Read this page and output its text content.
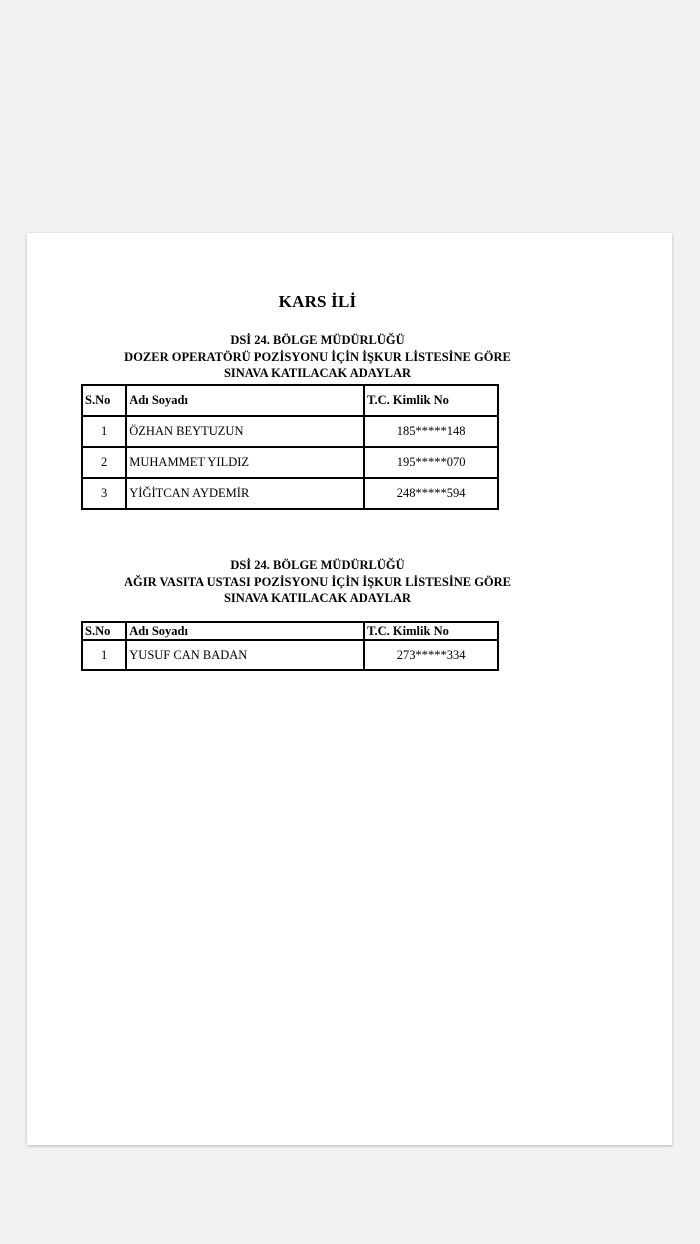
KARS İLİ
DSİ 24. BÖLGE MÜDÜRLÜĞÜ
DOZER OPERATÖRÜ POZİSYONU İÇİN İŞKUR LİSTESİNE GÖRE
SINAVA KATILACAK ADAYLAR
S.No	Adı Soyadı	T.C. Kimlik No
1	ÖZHAN BEYTUZUN	185*****148
2	MUHAMMET YILDIZ	195*****070
3	YİĞİTCAN AYDEMİR	248*****594
DSİ 24. BÖLGE MÜDÜRLÜĞÜ
AĞIR VASITA USTASI POZİSYONU İÇİN İŞKUR LİSTESİNE GÖRE
SINAVA KATILACAK ADAYLAR
S.No	Adı Soyadı	T.C. Kimlik No
1	YUSUF CAN BADAN	273*****334
